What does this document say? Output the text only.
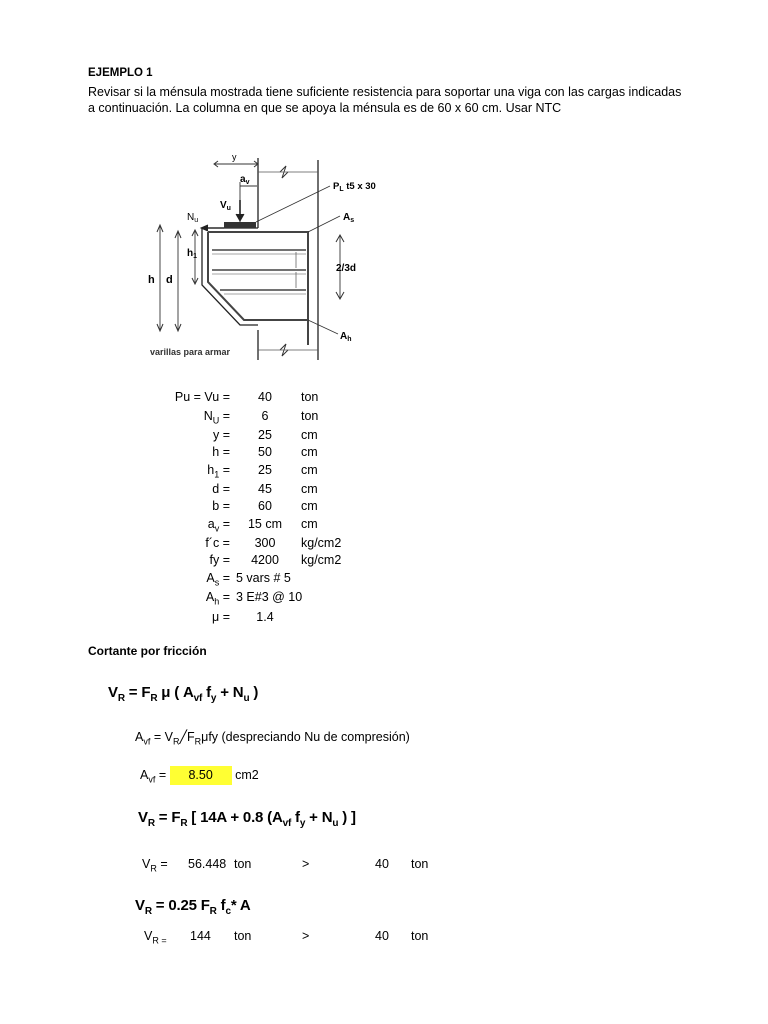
EJEMPLO 1
Revisar si la ménsula mostrada tiene suficiente resistencia para soportar una viga con las cargas indicadas a continuación. La columna en que se apoya la ménsula es de 60 x 60 cm. Usar NTC
y
$a_v$
$V_u$
$N_u$
$h_1$
h d
$P_L$ t5 x 30
$A_s$
2/3d
$A_h$
varillas para armar
Pu = Vu =	40	ton
$N_U$ =	6	ton
y =	25	cm
h =	50	cm
$h_1$ =	25	cm
d =	45	cm
b =	60	cm
$a_v$ =	15 cm	cm
f´c =	300	kg/cm2
fy =	4200	kg/cm2
$A_s = 5$ vars # 5
$A_h = 3$ E#3 @ 10
μ =	1.4
Cortante por fricción
$V_R = F_R$ μ ( $A_{vf}$ $f_y + N_u$ )
$A_{vf}$ = $V_R╱F_R\mu fy$ (despreciando Nu de compresión)
$A_{vf} = 8.50$ cm2
$V_R = F_R$ [ 14A + 0.8 ($A_{vf}$ $f_y + N_u$ ) ]
$V_R = 56.448$ ton	>	40 ton
$V_R = 0.25$ $F_R$ $f_c*$ A
$V_{R =}$ 144 ton	>	40 ton
